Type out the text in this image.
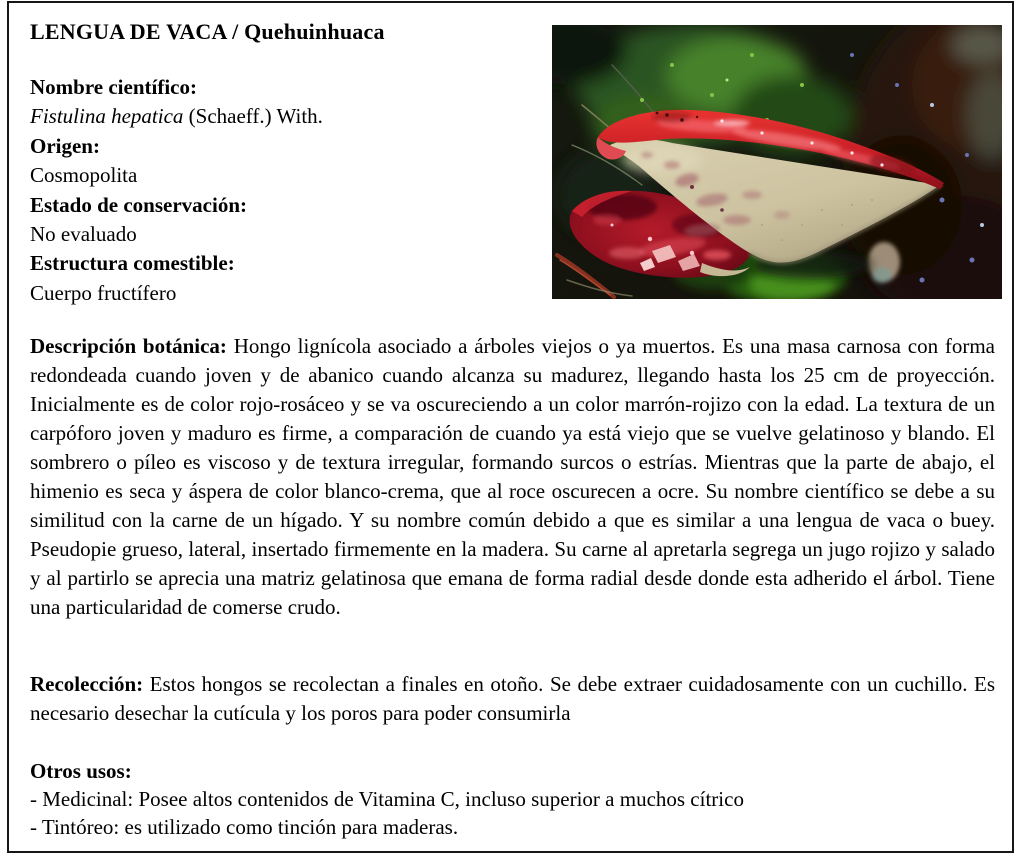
LENGUA DE VACA / Quehuinhuaca
Nombre científico:
Fistulina hepatica (Schaeff.) With.
Origen:
Cosmopolita
Estado de conservación:
No evaluado
Estructura comestible:
Cuerpo fructífero

Descripción botánica: Hongo lignícola asociado a árboles viejos o ya muertos. Es una masa carnosa con forma redondeada cuando joven y de abanico cuando alcanza su madurez, llegando hasta los 25 cm de proyección. Inicialmente es de color rojo-rosáceo y se va oscureciendo a un color marrón-rojizo con la edad. La textura de un carpóforo joven y maduro es firme, a comparación de cuando ya está viejo que se vuelve gelatinoso y blando. El sombrero o píleo es viscoso y de textura irregular, formando surcos o estrías. Mientras que la parte de abajo, el himenio es seca y áspera de color blanco-crema, que al roce oscurecen a ocre. Su nombre científico se debe a su similitud con la carne de un hígado. Y su nombre común debido a que es similar a una lengua de vaca o buey. Pseudopie grueso, lateral, insertado firmemente en la madera. Su carne al apretarla segrega un jugo rojizo y salado y al partirlo se aprecia una matriz gelatinosa que emana de forma radial desde donde esta adherido el árbol. Tiene una particularidad de comerse crudo.

Recolección: Estos hongos se recolectan a finales en otoño. Se debe extraer cuidadosamente con un cuchillo. Es necesario desechar la cutícula y los poros para poder consumirla

Otros usos:
- Medicinal: Posee altos contenidos de Vitamina C, incluso superior a muchos cítrico
- Tintóreo: es utilizado como tinción para maderas.
